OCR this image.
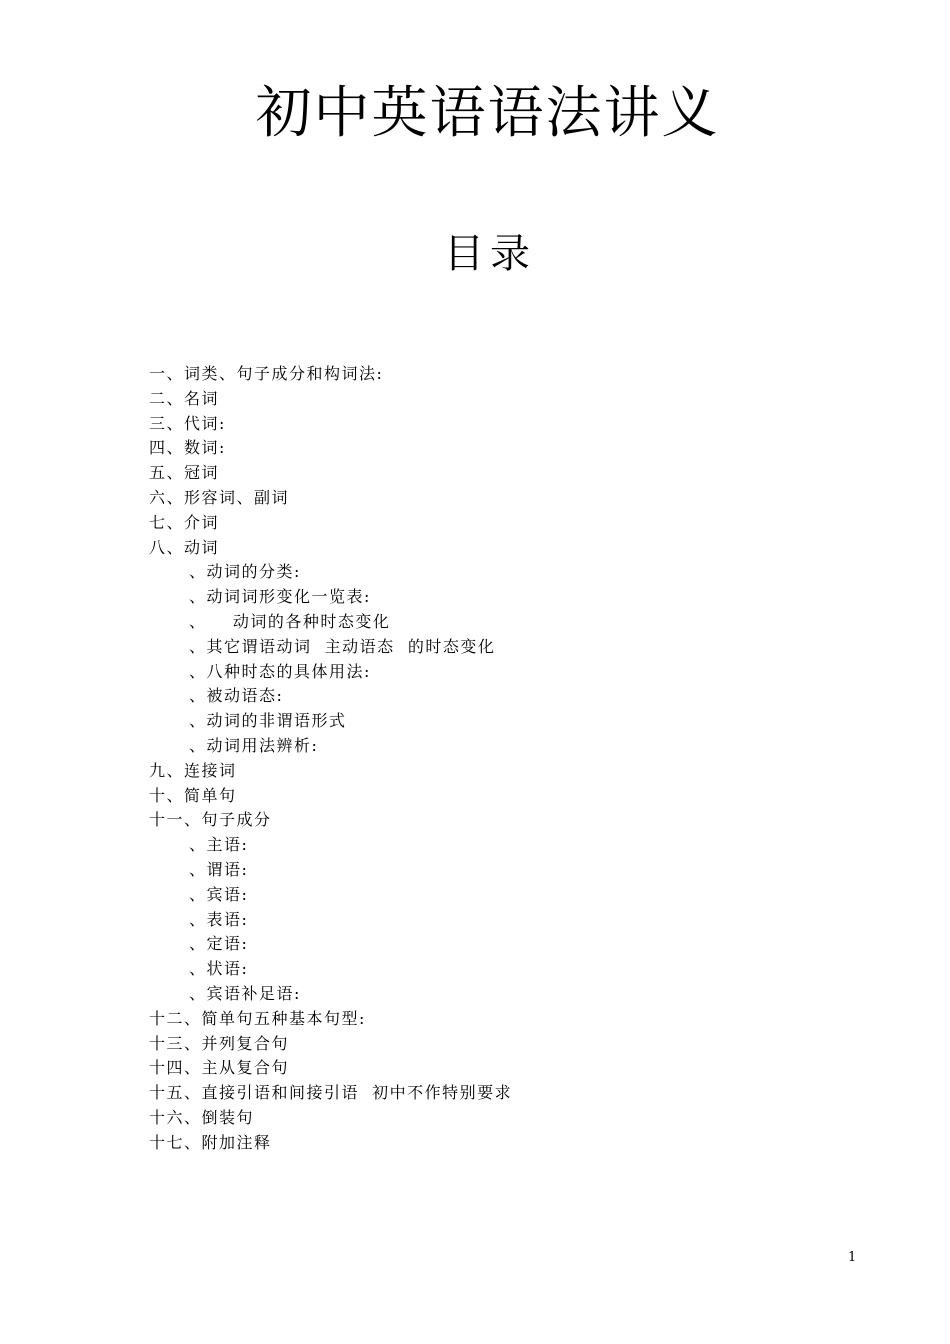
初中英语语法讲义
目录
一、词类、句子成分和构词法:
二、名词
三、代词:
四、数词:
五、冠词
六、形容词、副词
七、介词
八、动词
、动词的分类:
、动词词形变化一览表:
、    动词的各种时态变化
、其它谓语动词  主动语态  的时态变化
、八种时态的具体用法:
、被动语态:
、动词的非谓语形式
、动词用法辨析:
九、连接词
十、简单句
十一、句子成分
、主语:
、谓语:
、宾语:
、表语:
、定语:
、状语:
、宾语补足语:
十二、简单句五种基本句型:
十三、并列复合句
十四、主从复合句
十五、直接引语和间接引语  初中不作特别要求
十六、倒装句
十七、附加注释
1
